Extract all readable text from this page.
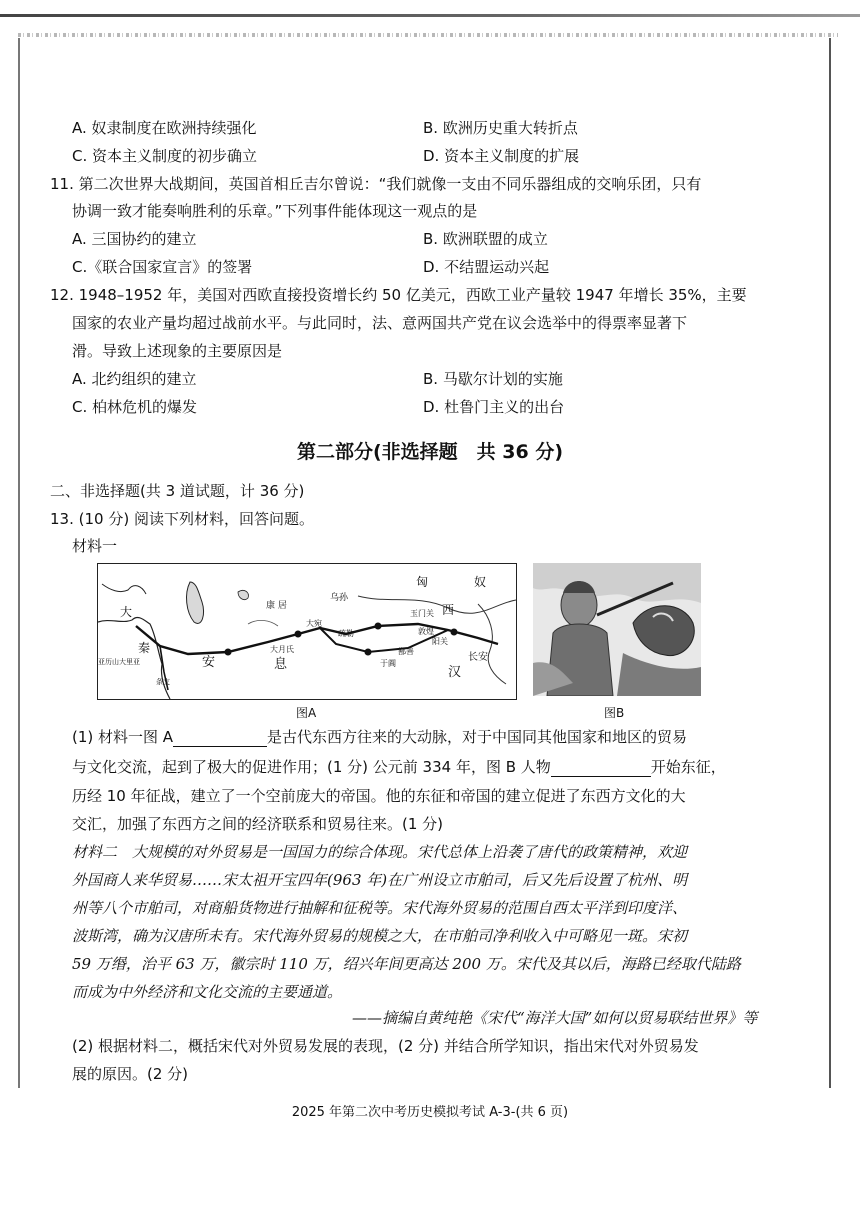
A. 奴隶制度在欧洲持续强化	B. 欧洲历史重大转折点
C. 资本主义制度的初步确立	D. 资本主义制度的扩展
11. 第二次世界大战期间，英国首相丘吉尔曾说：“我们就像一支由不同乐器组成的交响乐团，只有
协调一致才能奏响胜利的乐章。”下列事件能体现这一观点的是
A. 三国协约的建立	B. 欧洲联盟的成立
C.《联合国家宣言》的签署	D. 不结盟运动兴起
12. 1948–1952 年，美国对西欧直接投资增长约 50 亿美元，西欧工业产量较 1947 年增长 35%，主要
国家的农业产量均超过战前水平。与此同时，法、意两国共产党在议会选举中的得票率显著下
滑。导致上述现象的主要原因是
A. 北约组织的建立	B. 马歇尔计划的实施
C. 柏林危机的爆发	D. 杜鲁门主义的出台
第二部分(非选择题　共 36 分)
二、非选择题(共 3 道试题，计 36 分)
13. (10 分) 阅读下列材料，回答问题。
材料一
匈	奴
大
秦
安	息
康 居
乌孙
大宛
疏勒
玉门关
敦煌
阳关
西
长安
汉
于阗
大月氏	鄯善
亚历山大里亚
条支
图A	图B
(1) 材料一图 A	是古代东西方往来的大动脉，对于中国同其他国家和地区的贸易
与文化交流，起到了极大的促进作用；(1 分) 公元前 334 年，图 B 人物	开始东征，
历经 10 年征战，建立了一个空前庞大的帝国。他的东征和帝国的建立促进了东西方文化的大
交汇，加强了东西方之间的经济联系和贸易往来。(1 分)
材料二　大规模的对外贸易是一国国力的综合体现。宋代总体上沿袭了唐代的政策精神，欢迎
外国商人来华贸易……宋太祖开宝四年(963 年)在广州设立市舶司，后又先后设置了杭州、明
州等八个市舶司，对商船货物进行抽解和征税等。宋代海外贸易的范围自西太平洋到印度洋、
波斯湾，确为汉唐所未有。宋代海外贸易的规模之大，在市舶司净利收入中可略见一斑。宋初
59 万缗，治平 63 万，徽宗时 110 万，绍兴年间更高达 200 万。宋代及其以后，海路已经取代陆路
而成为中外经济和文化交流的主要通道。
——摘编自黄纯艳《宋代“海洋大国”如何以贸易联结世界》等
(2) 根据材料二，概括宋代对外贸易发展的表现，(2 分) 并结合所学知识，指出宋代对外贸易发
展的原因。(2 分)
2025 年第二次中考历史模拟考试 A-3-(共 6 页)
